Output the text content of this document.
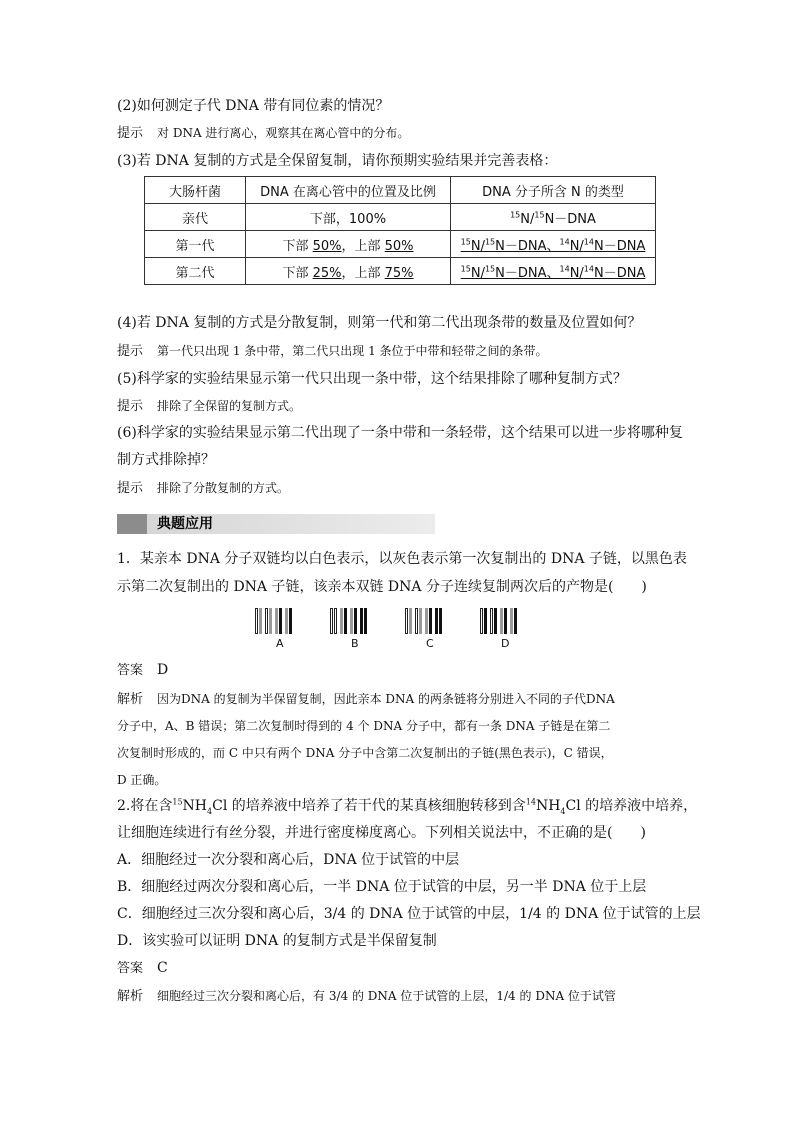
(2)如何测定子代 DNA 带有同位素的情况？
提示 对 DNA 进行离心，观察其在离心管中的分布。
(3)若 DNA 复制的方式是全保留复制，请你预期实验结果并完善表格：
大肠杆菌	DNA 在离心管中的位置及比例	DNA 分子所含 N 的类型
亲代	下部，100%	$^{15}$N/$^{15}$N－DNA
第一代	下部 50%，上部 50%	$^{15}$N/$^{15}$N－DNA、$^{14}$N/$^{14}$N－DNA
第二代	下部 25%，上部 75%	$^{15}$N/$^{15}$N－DNA、$^{14}$N/$^{14}$N－DNA
(4)若 DNA 复制的方式是分散复制，则第一代和第二代出现条带的数量及位置如何？
提示 第一代只出现 1 条中带，第二代只出现 1 条位于中带和轻带之间的条带。
(5)科学家的实验结果显示第一代只出现一条中带，这个结果排除了哪种复制方式？
提示 排除了全保留的复制方式。
(6)科学家的实验结果显示第二代出现了一条中带和一条轻带，这个结果可以进一步将哪种复
制方式排除掉？
提示 排除了分散复制的方式。
典题应用
1．某亲本 DNA 分子双链均以白色表示，以灰色表示第一次复制出的 DNA 子链，以黑色表
示第二次复制出的 DNA 子链，该亲本双链 DNA 分子连续复制两次后的产物是(　　)
A	B	C	D
答案 D
解析 因为DNA 的复制为半保留复制，因此亲本 DNA 的两条链将分别进入不同的子代DNA
分子中，A、B 错误；第二次复制时得到的 4 个 DNA 分子中，都有一条 DNA 子链是在第二
次复制时形成的，而 C 中只有两个 DNA 分子中含第二次复制出的子链(黑色表示)，C 错误，
D 正确。
2.将在含$^{15}NH_4Cl$ 的培养液中培养了若干代的某真核细胞转移到含$^{14}NH_4Cl$ 的培养液中培养，
让细胞连续进行有丝分裂，并进行密度梯度离心。下列相关说法中，不正确的是(　　)
A．细胞经过一次分裂和离心后，DNA 位于试管的中层
B．细胞经过两次分裂和离心后，一半 DNA 位于试管的中层，另一半 DNA 位于上层
C．细胞经过三次分裂和离心后，3/4 的 DNA 位于试管的中层，1/4 的 DNA 位于试管的上层
D．该实验可以证明 DNA 的复制方式是半保留复制
答案 C
解析 细胞经过三次分裂和离心后，有 3/4 的 DNA 位于试管的上层，1/4 的 DNA 位于试管
